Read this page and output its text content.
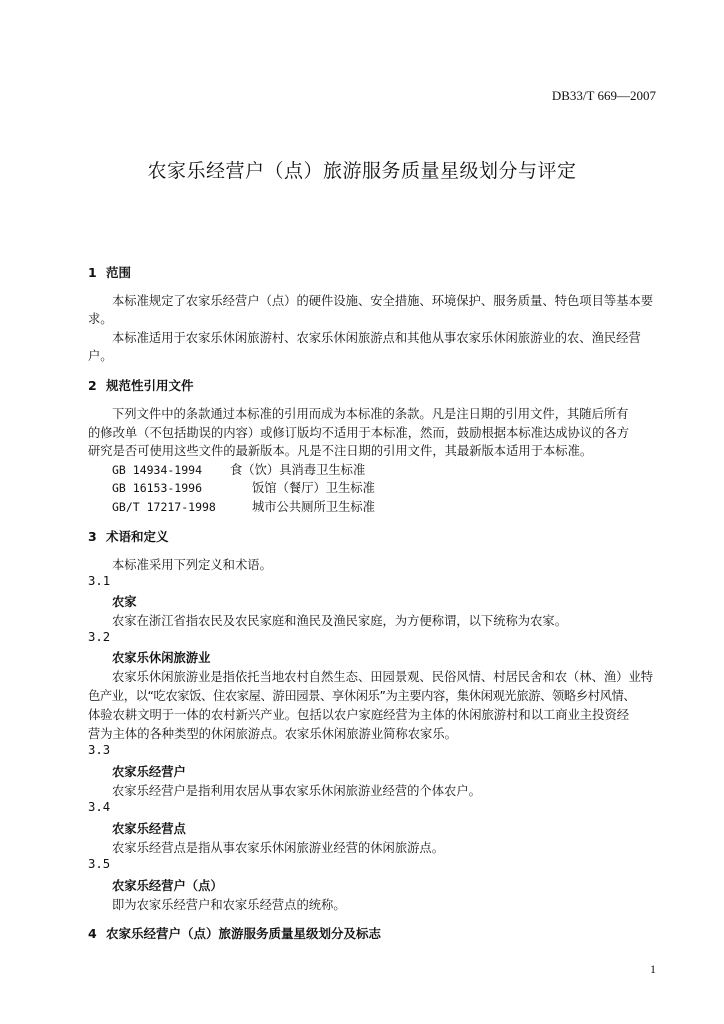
DB33/T 669—2007
农家乐经营户（点）旅游服务质量星级划分与评定
1 范围
本标准规定了农家乐经营户（点）的硬件设施、安全措施、环境保护、服务质量、特色项目等基本要
求。
本标准适用于农家乐休闲旅游村、农家乐休闲旅游点和其他从事农家乐休闲旅游业的农、渔民经营
户。
2 规范性引用文件
下列文件中的条款通过本标准的引用而成为本标准的条款。凡是注日期的引用文件，其随后所有
的修改单（不包括勘误的内容）或修订版均不适用于本标准，然而，鼓励根据本标准达成协议的各方
研究是否可使用这些文件的最新版本。凡是不注日期的引用文件，其最新版本适用于本标准。
GB 14934-1994 食（饮）具消毒卫生标准
GB 16153-1996	饭馆（餐厅）卫生标准
GB/T 17217-1998	城市公共厕所卫生标准
3 术语和定义
本标准采用下列定义和术语。
3.1
农家
农家在浙江省指农民及农民家庭和渔民及渔民家庭，为方便称谓，以下统称为农家。
3.2
农家乐休闲旅游业
农家乐休闲旅游业是指依托当地农村自然生态、田园景观、民俗风情、村居民舍和农（林、渔）业特
色产业，以“吃农家饭、住农家屋、游田园景、享休闲乐”为主要内容，集休闲观光旅游、领略乡村风情、
体验农耕文明于一体的农村新兴产业。包括以农户家庭经营为主体的休闲旅游村和以工商业主投资经
营为主体的各种类型的休闲旅游点。农家乐休闲旅游业简称农家乐。
3.3
农家乐经营户
农家乐经营户是指利用农居从事农家乐休闲旅游业经营的个体农户。
3.4
农家乐经营点
农家乐经营点是指从事农家乐休闲旅游业经营的休闲旅游点。
3.5
农家乐经营户（点）
即为农家乐经营户和农家乐经营点的统称。
4 农家乐经营户（点）旅游服务质量星级划分及标志
1
